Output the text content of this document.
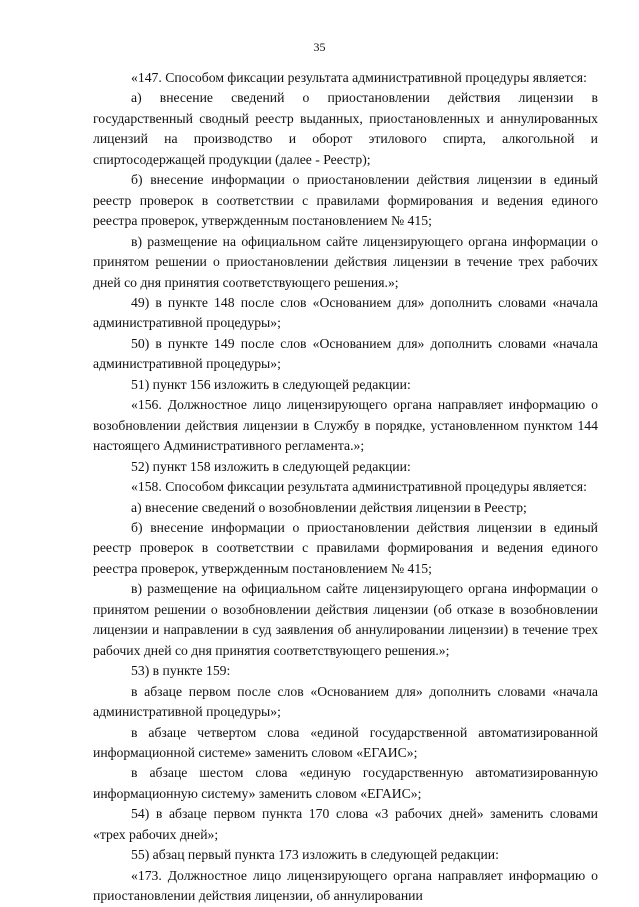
35

«147. Способом фиксации результата административной процедуры является:

а) внесение сведений о приостановлении действия лицензии в государственный сводный реестр выданных, приостановленных и аннулированных лицензий на производство и оборот этилового спирта, алкогольной и спиртосодержащей продукции (далее - Реестр);

б) внесение информации о приостановлении действия лицензии в единый реестр проверок в соответствии с правилами формирования и ведения единого реестра проверок, утвержденным постановлением № 415;

в) размещение на официальном сайте лицензирующего органа информации о принятом решении о приостановлении действия лицензии в течение трех рабочих дней со дня принятия соответствующего решения.»;

49) в пункте 148 после слов «Основанием для» дополнить словами «начала административной процедуры»;

50) в пункте 149 после слов «Основанием для» дополнить словами «начала административной процедуры»;

51) пункт 156 изложить в следующей редакции:

«156. Должностное лицо лицензирующего органа направляет информацию о возобновлении действия лицензии в Службу в порядке, установленном пунктом 144 настоящего Административного регламента.»;

52) пункт 158 изложить в следующей редакции:

«158. Способом фиксации результата административной процедуры является:

а) внесение сведений о возобновлении действия лицензии в Реестр;

б) внесение информации о приостановлении действия лицензии в единый реестр проверок в соответствии с правилами формирования и ведения единого реестра проверок, утвержденным постановлением № 415;

в) размещение на официальном сайте лицензирующего органа информации о принятом решении о возобновлении действия лицензии (об отказе в возобновлении лицензии и направлении в суд заявления об аннулировании лицензии) в течение трех рабочих дней со дня принятия соответствующего решения.»;

53) в пункте 159:

в абзаце первом после слов «Основанием для» дополнить словами «начала административной процедуры»;

в абзаце четвертом слова «единой государственной автоматизированной информационной системе» заменить словом «ЕГАИС»;

в абзаце шестом слова «единую государственную автоматизированную информационную систему» заменить словом «ЕГАИС»;

54) в абзаце первом пункта 170 слова «3 рабочих дней» заменить словами «трех рабочих дней»;

55) абзац первый пункта 173 изложить в следующей редакции:

«173. Должностное лицо лицензирующего органа направляет информацию о приостановлении действия лицензии, об аннулировании
